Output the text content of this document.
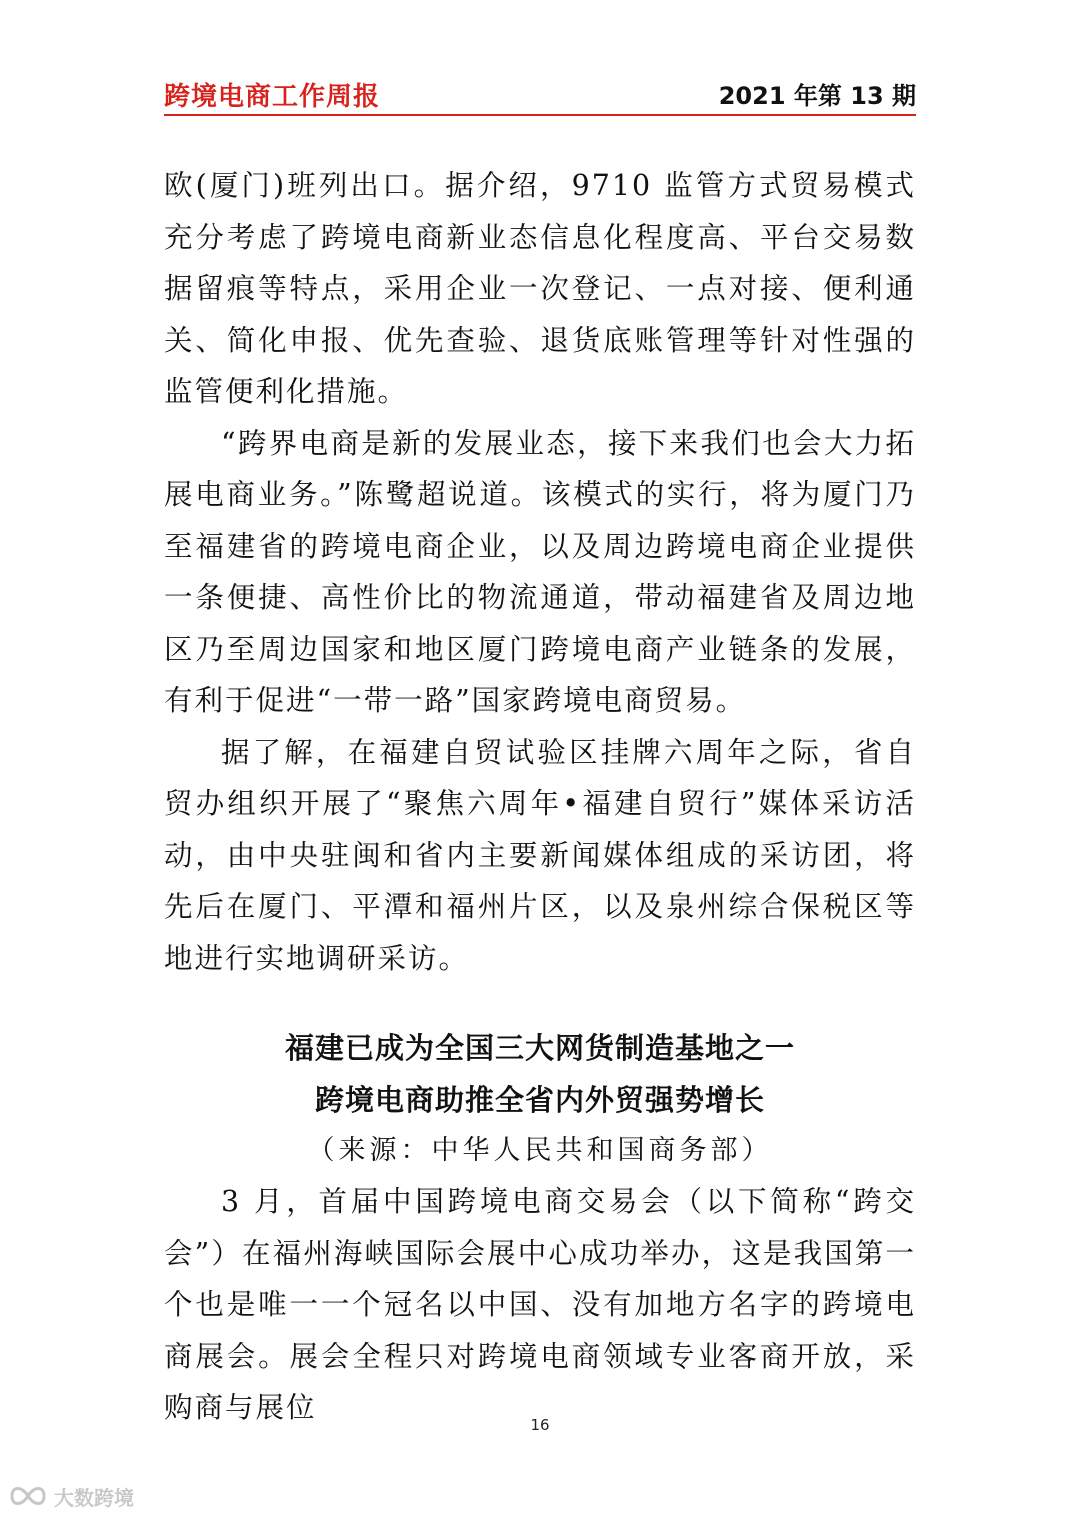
跨境电商工作周报	2021 年第 13 期

欧(厦门)班列出口。据介绍，9710 监管方式贸易模式充分考虑了跨境电商新业态信息化程度高、平台交易数据留痕等特点，采用企业一次登记、一点对接、便利通关、简化申报、优先查验、退货底账管理等针对性强的监管便利化措施。

“跨界电商是新的发展业态，接下来我们也会大力拓展电商业务。”陈鹭超说道。该模式的实行，将为厦门乃至福建省的跨境电商企业，以及周边跨境电商企业提供一条便捷、高性价比的物流通道，带动福建省及周边地区乃至周边国家和地区厦门跨境电商产业链条的发展，有利于促进“一带一路”国家跨境电商贸易。

据了解，在福建自贸试验区挂牌六周年之际，省自贸办组织开展了“聚焦六周年•福建自贸行”媒体采访活动，由中央驻闽和省内主要新闻媒体组成的采访团，将先后在厦门、平潭和福州片区，以及泉州综合保税区等地进行实地调研采访。

福建已成为全国三大网货制造基地之一
跨境电商助推全省内外贸强势增长
（来源：中华人民共和国商务部）

3 月，首届中国跨境电商交易会（以下简称“跨交会”）在福州海峡国际会展中心成功举办，这是我国第一个也是唯一一个冠名以中国、没有加地方名字的跨境电商展会。展会全程只对跨境电商领域专业客商开放，采购商与展位

16
大数跨境
